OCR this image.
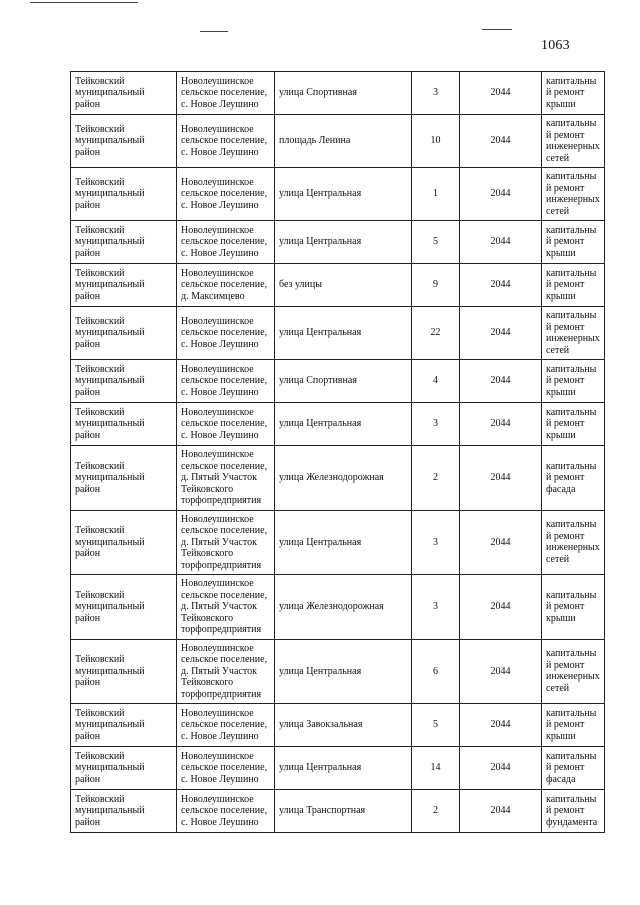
1063
Тейковский муниципальный район	Новолеушинское сельское поселение, с. Новое Леушино	улица Спортивная	3	2044	капитальный ремонт крыши
Тейковский муниципальный район	Новолеушинское сельское поселение, с. Новое Леушино	площадь Ленина	10	2044	капитальный ремонт инженерных сетей
Тейковский муниципальный район	Новолеушинское сельское поселение, с. Новое Леушино	улица Центральная	1	2044	капитальный ремонт инженерных сетей
Тейковский муниципальный район	Новолеушинское сельское поселение, с. Новое Леушино	улица Центральная	5	2044	капитальный ремонт крыши
Тейковский муниципальный район	Новолеушинское сельское поселение, д. Максимцево	без улицы	9	2044	капитальный ремонт крыши
Тейковский муниципальный район	Новолеушинское сельское поселение, с. Новое Леушино	улица Центральная	22	2044	капитальный ремонт инженерных сетей
Тейковский муниципальный район	Новолеушинское сельское поселение, с. Новое Леушино	улица Спортивная	4	2044	капитальный ремонт крыши
Тейковский муниципальный район	Новолеушинское сельское поселение, с. Новое Леушино	улица Центральная	3	2044	капитальный ремонт крыши
Тейковский муниципальный район	Новолеушинское сельское поселение, д. Пятый Участок Тейковского торфопредприятия	улица Железнодорожная	2	2044	капитальный ремонт фасада
Тейковский муниципальный район	Новолеушинское сельское поселение, д. Пятый Участок Тейковского торфопредприятия	улица Центральная	3	2044	капитальный ремонт инженерных сетей
Тейковский муниципальный район	Новолеушинское сельское поселение, д. Пятый Участок Тейковского торфопредприятия	улица Железнодорожная	3	2044	капитальный ремонт крыши
Тейковский муниципальный район	Новолеушинское сельское поселение, д. Пятый Участок Тейковского торфопредприятия	улица Центральная	6	2044	капитальный ремонт инженерных сетей
Тейковский муниципальный район	Новолеушинское сельское поселение, с. Новое Леушино	улица Завокзальная	5	2044	капитальный ремонт крыши
Тейковский муниципальный район	Новолеушинское сельское поселение, с. Новое Леушино	улица Центральная	14	2044	капитальный ремонт фасада
Тейковский муниципальный район	Новолеушинское сельское поселение, с. Новое Леушино	улица Транспортная	2	2044	капитальный ремонт фундамента
